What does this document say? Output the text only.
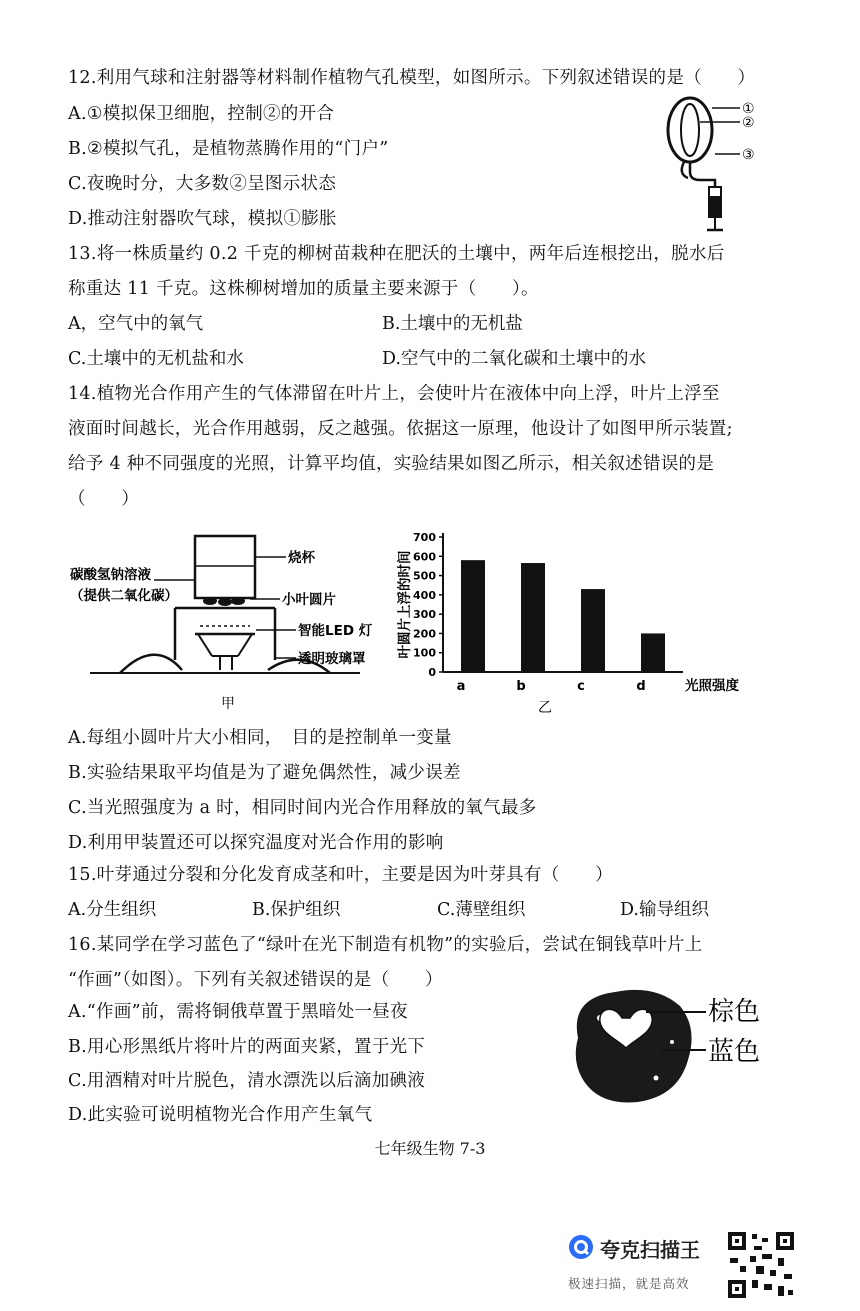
12.利用气球和注射器等材料制作植物气孔模型，如图所示。下列叙述错误的是（　　）
A.①模拟保卫细胞，控制②的开合
B.②模拟气孔，是植物蒸腾作用的“门户”
C.夜晚时分，大多数②呈图示状态
D.推动注射器吹气球，模拟①膨胀
①
②
③
13.将一株质量约 0.2 千克的柳树苗栽种在肥沃的土壤中，两年后连根挖出，脱水后
称重达 11 千克。这株柳树增加的质量主要来源于（　　）。
A，空气中的氧气	B.土壤中的无机盐
C.土壤中的无机盐和水	D.空气中的二氧化碳和土壤中的水
14.植物光合作用产生的气体滞留在叶片上，会使叶片在液体中向上浮，叶片上浮至
液面时间越长，光合作用越弱，反之越强。依据这一原理，他设计了如图甲所示装置;
给予 4 种不同强度的光照，计算平均值，实验结果如图乙所示，相关叙述错误的是
（　　）
碳酸氢钠溶液
（提供二氧化碳）
烧杯
小叶圆片
智能LED 灯
透明玻璃罩
甲
0
100
200
300
400
500
600
700
a	b	c	d
叶圆片上浮的时间
光照强度
乙
A.每组小圆叶片大小相同，　目的是控制单一变量
B.实验结果取平均值是为了避免偶然性，减少误差
C.当光照强度为 a 时，相同时间内光合作用释放的氧气最多
D.利用甲装置还可以探究温度对光合作用的影响
15.叶芽通过分裂和分化发育成茎和叶，主要是因为叶芽具有（　　）
A.分生组织	B.保护组织	C.薄壁组织	D.输导组织
16.某同学在学习蓝色了“绿叶在光下制造有机物”的实验后，尝试在铜钱草叶片上
“作画”（如图）。下列有关叙述错误的是（　　）
A.“作画”前，需将铜俄草置于黑暗处一昼夜
B.用心形黑纸片将叶片的两面夹紧，置于光下
C.用酒精对叶片脱色，清水漂洗以后滴加碘液
D.此实验可说明植物光合作用产生氧气
棕色
蓝色
七年级生物 7-3
夸克扫描王
极速扫描，就是高效
